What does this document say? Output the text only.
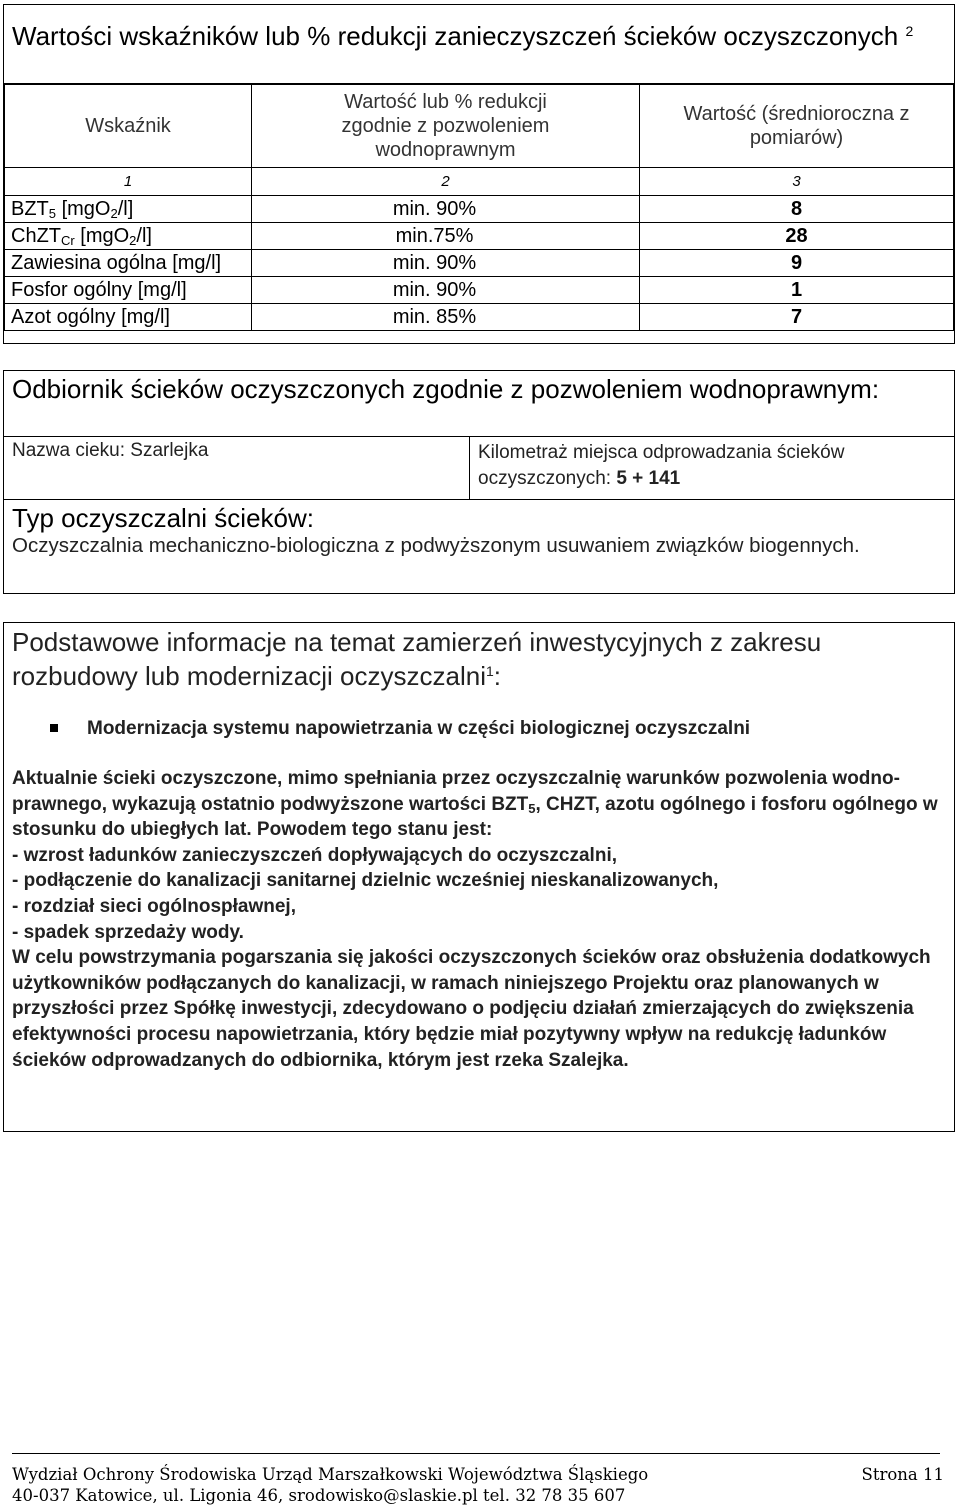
Wartości wskaźników lub % redukcji zanieczyszczeń ścieków oczyszczonych $^2$
Wskaźnik	Wartość lub % redukcji zgodnie z pozwoleniem wodnoprawnym	Wartość (średnioroczna z pomiarów)

1	2	3
$BZT_5$ [mgO$_2$/l]	min. 90%	8
ChZT$_{Cr}$ [mgO$_2$/l]	min.75%	28
Zawiesina ogólna [mg/l]	min. 90%	9
Fosfor ogólny [mg/l]	min. 90%	1
Azot ogólny [mg/l]	min. 85%	7
Odbiornik ścieków oczyszczonych zgodnie z pozwoleniem wodnoprawnym:
Nazwa cieku: Szarlejka	Kilometraż miejsca odprowadzania ścieków oczyszczonych: 5 + 141
Typ oczyszczalni ścieków:
Oczyszczalnia mechaniczno-biologiczna z podwyższonym usuwaniem związków biogennych.
Podstawowe informacje na temat zamierzeń inwestycyjnych z zakresu rozbudowy lub modernizacji oczyszczalni$^1$:
Modernizacja systemu napowietrzania w części biologicznej oczyszczalni
Aktualnie ścieki oczyszczone, mimo spełniania przez oczyszczalnię warunków pozwolenia wodno-prawnego, wykazują ostatnio podwyższone wartości $BZT_5$, CHZT, azotu ogólnego i fosforu ogólnego w stosunku do ubiegłych lat. Powodem tego stanu jest:
- wzrost ładunków zanieczyszczeń dopływających do oczyszczalni,
- podłączenie do kanalizacji sanitarnej dzielnic wcześniej nieskanalizowanych,
- rozdział sieci ogólnospławnej,
- spadek sprzedaży wody.
W celu powstrzymania pogarszania się jakości oczyszczonych ścieków oraz obsłużenia dodatkowych użytkowników podłączanych do kanalizacji, w ramach niniejszego Projektu oraz planowanych w przyszłości przez Spółkę inwestycji, zdecydowano o podjęciu działań zmierzających do zwiększenia efektywności procesu napowietrzania, który będzie miał pozytywny wpływ na redukcję ładunków ścieków odprowadzanych do odbiornika, którym jest rzeka Szalejka.
Wydział Ochrony Środowiska Urząd Marszałkowski Województwa Śląskiego	Strona 11
40-037 Katowice, ul. Ligonia 46, srodowisko@slaskie.pl tel. 32 78 35 607
